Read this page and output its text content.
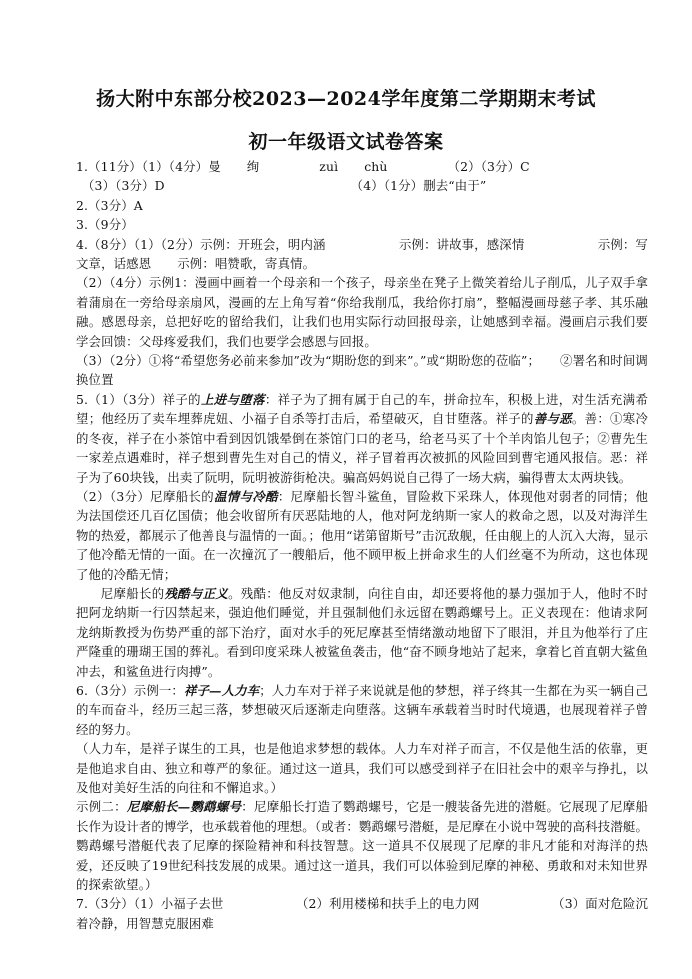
扬大附中东部分校2023—2024学年度第二学期期末考试
初一年级语文试卷答案

1.（11分）（1）（4分）曼 绚	zuì chù	（2）（3分）C

（3）（3分）D	（4）（1分）删去“由于”

2.（3分）A

3.（9分）

4.（8分）（1）（2分）示例：开班会，明内涵	示例：讲故事，感深情	示例：写

文章，话感恩 示例：唱赞歌，寄真情。

（2）（4分）示例1：漫画中画着一个母亲和一个孩子，母亲坐在凳子上微笑着给儿子削瓜，儿子双手拿着蒲扇在一旁给母亲扇风，漫画的左上角写着“你给我削瓜，我给你打扇”，整幅漫画母慈子孝、其乐融融。感恩母亲，总把好吃的留给我们，让我们也用实际行动回报母亲，让她感到幸福。漫画启示我们要学会回馈：父母疼爱我们，我们也要学会感恩与回报。

（3）（2分）①将“希望您务必前来参加”改为“期盼您的到来”。”或“期盼您的莅临”； ②署名和时间调换位置

5.（1）（3分）祥子的上进与堕落：祥子为了拥有属于自己的车，拼命拉车，积极上进，对生活充满希望；他经历了卖车埋葬虎妞、小福子自杀等打击后，希望破灭，自甘堕落。祥子的善与恶。善：①寒冷的冬夜，祥子在小茶馆中看到因饥饿晕倒在茶馆门口的老马，给老马买了十个羊肉馅儿包子；②曹先生一家差点遇难时，祥子想到曹先生对自己的情义，祥子冒着再次被抓的风险回到曹宅通风报信。恶：祥子为了60块钱，出卖了阮明，阮明被游街枪决。骗高妈妈说自己得了一场大病，骗得曹太太两块钱。

（2）（3分）尼摩船长的温情与冷酷：尼摩船长智斗鲨鱼，冒险救下采珠人，体现他对弱者的同情；他为法国偿还几百亿国债；他会收留所有厌恶陆地的人，他对阿龙纳斯一家人的救命之恩，以及对海洋生物的热爱，都展示了他善良与温情的一面。；他用“诺第留斯号”击沉敌舰，任由舰上的人沉入大海，显示了他冷酷无情的一面。在一次撞沉了一艘船后，他不顾甲板上拼命求生的人们丝毫不为所动，这也体现了他的冷酷无情；

尼摩船长的残酷与正义。残酷：他反对奴隶制，向往自由，却还要将他的暴力强加于人，他时不时把阿龙纳斯一行囚禁起来，强迫他们睡觉，并且强制他们永远留在鹦鹉螺号上。正义表现在：他请求阿龙纳斯教授为伤势严重的部下治疗，面对水手的死尼摩甚至情绪激动地留下了眼泪，并且为他举行了庄严隆重的珊瑚王国的葬礼。看到印度采珠人被鲨鱼袭击，他“奋不顾身地站了起来，拿着匕首直朝大鲨鱼冲去，和鲨鱼进行肉搏”。

6.（3分）示例一：祥子—人力车；人力车对于祥子来说就是他的梦想，祥子终其一生都在为买一辆自己的车而奋斗，经历三起三落，梦想破灭后逐渐走向堕落。这辆车承载着当时时代境遇，也展现着祥子曾经的努力。

（人力车，是祥子谋生的工具，也是他追求梦想的载体。人力车对祥子而言，不仅是他生活的依靠，更是他追求自由、独立和尊严的象征。通过这一道具，我们可以感受到祥子在旧社会中的艰辛与挣扎，以及他对美好生活的向往和不懈追求。）

示例二：尼摩船长—鹦鹉螺号：尼摩船长打造了鹦鹉螺号，它是一艘装备先进的潜艇。它展现了尼摩船长作为设计者的博学，也承载着他的理想。（或者：鹦鹉螺号潜艇，是尼摩在小说中驾驶的高科技潜艇。鹦鹉螺号潜艇代表了尼摩的探险精神和科技智慧。这一道具不仅展现了尼摩的非凡才能和对海洋的热爱，还反映了19世纪科技发展的成果。通过这一道具，我们可以体验到尼摩的神秘、勇敢和对未知世界的探索欲望。）

7.（3分）（1）小福子去世	（2）利用楼梯和扶手上的电力网	（3）面对危险沉

着冷静，用智慧克服困难
